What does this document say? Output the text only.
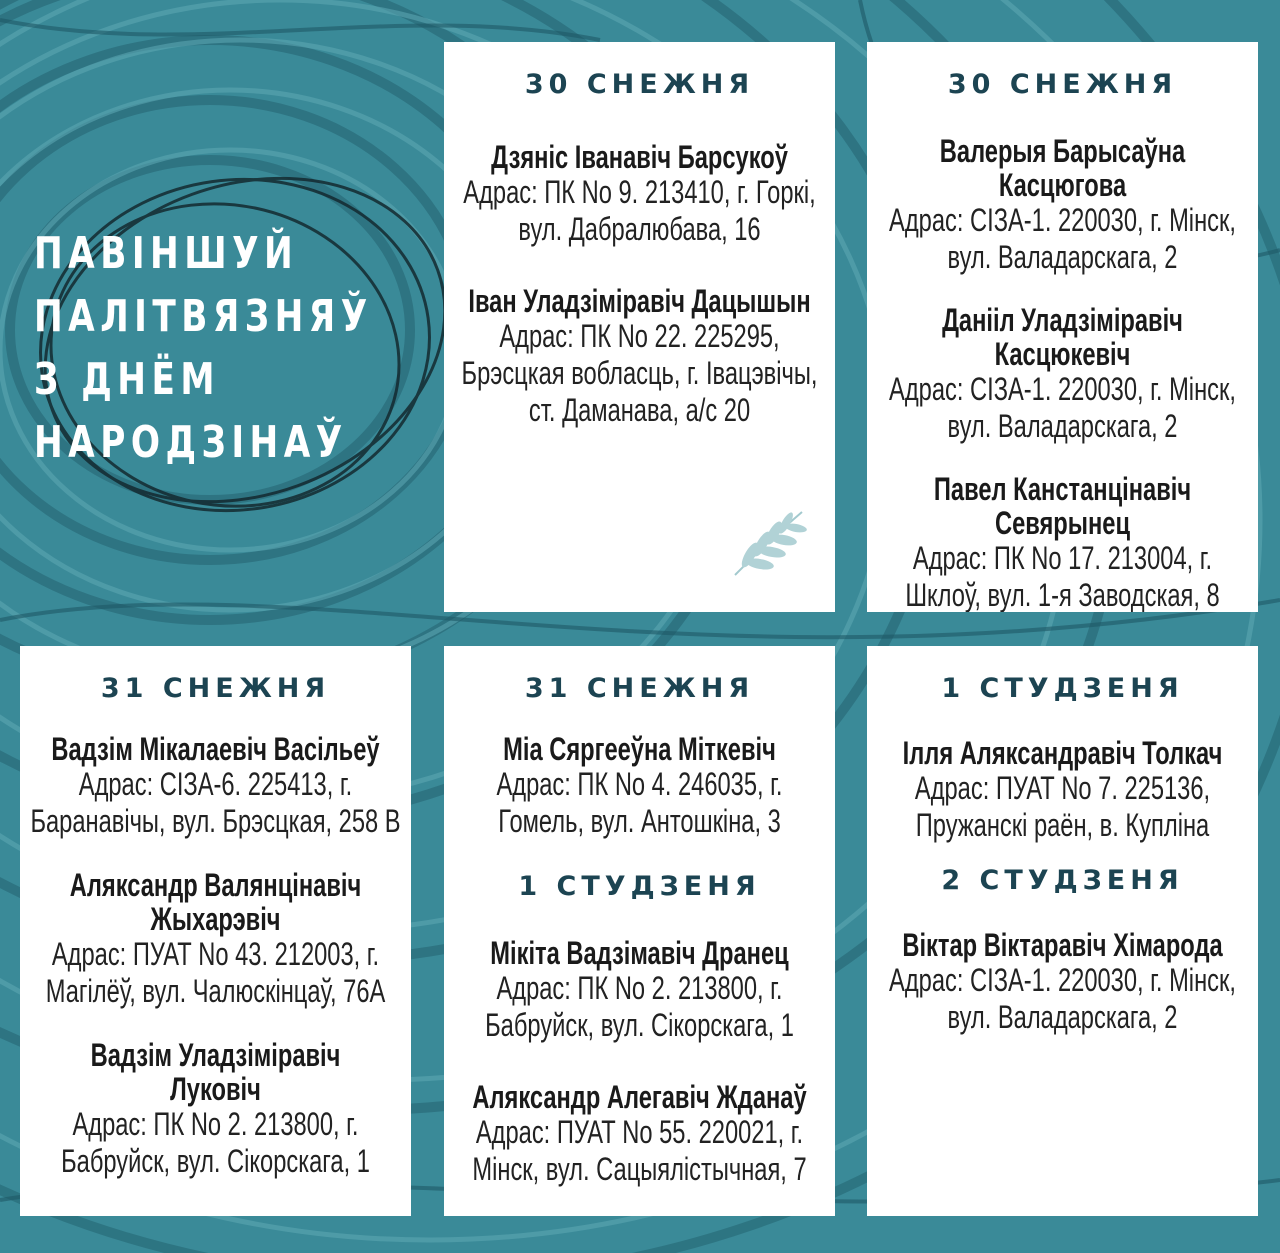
ПАВІНШУЙ
ПАЛІТВЯЗНЯЎ
З ДНЁМ
НАРОДЗІНАЎ
30 СНЕЖНЯ
Дзяніс Іванавіч Барсукоў
Адрас: ПК No 9. 213410, г. Горкі,
вул. Дабралюбава, 16
Іван Уладзіміравіч Дацышын
Адрас: ПК No 22. 225295,
Брэсцкая вобласць, г. Івацэвічы,
ст. Даманава, а/с 20
30 СНЕЖНЯ
Валерыя Барысаўна
Касцюгова
Адрас: СІЗА-1. 220030, г. Мінск,
вул. Валадарскага, 2
Данііл Уладзіміравіч
Касцюкевіч
Адрас: СІЗА-1. 220030, г. Мінск,
вул. Валадарскага, 2
Павел Канстанцінавіч
Севярынец
Адрас: ПК No 17. 213004, г.
Шклоў, вул. 1-я Заводская, 8
31 СНЕЖНЯ
Вадзім Мікалаевіч Васільеў
Адрас: СІЗА-6. 225413, г.
Баранавічы, вул. Брэсцкая, 258 В
Аляксандр Валянцінавіч
Жыхарэвіч
Адрас: ПУАТ No 43. 212003, г.
Магілёў, вул. Чалюскінцаў, 76А
Вадзім Уладзіміравіч
Луковіч
Адрас: ПК No 2. 213800, г.
Бабруйск, вул. Сікорскага, 1
31 СНЕЖНЯ
Міа Сяргееўна Міткевіч
Адрас: ПК No 4. 246035, г.
Гомель, вул. Антошкіна, 3
1 СТУДЗЕНЯ
Мікіта Вадзімавіч Дранец
Адрас: ПК No 2. 213800, г.
Бабруйск, вул. Сікорскага, 1
Аляксандр Алегавіч Жданаў
Адрас: ПУАТ No 55. 220021, г.
Мінск, вул. Сацыялістычная, 7
1 СТУДЗЕНЯ
Ілля Аляксандравіч Толкач
Адрас: ПУАТ No 7. 225136,
Пружанскі раён, в. Купліна
2 СТУДЗЕНЯ
Віктар Віктаравіч Хімарода
Адрас: СІЗА-1. 220030, г. Мінск,
вул. Валадарскага, 2
